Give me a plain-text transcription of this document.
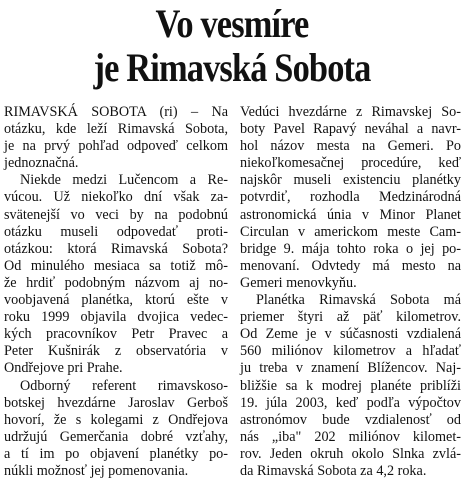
Vo vesmíre
je Rimavská Sobota

RIMAVSKÁ SOBOTA (ri) – Na
otázku, kde leží Rimavská Sobota,
je na prvý pohľad odpoveď celkom
jednoznačná.

Niekde medzi Lučencom a Re-
vúcou. Už niekoľko dní však za-
svätenejší vo veci by na podobnú
otázku museli odpovedať proti-
otázkou: ktorá Rimavská Sobota?
Od minulého mesiaca sa totiž mô-
že hrdiť podobným názvom aj no-
voobjavená planétka, ktorú ešte v
roku 1999 objavila dvojica vedec-
kých pracovníkov Petr Pravec a
Peter Kušnirák z observatória v
Ondřejove pri Prahe.

Odborný referent rimavskoso-
botskej hvezdárne Jaroslav Gerboš
hovorí, že s kolegami z Ondřejova
udržujú Gemerčania dobré vzťahy,
a tí im po objavení planétky po-
núkli možnosť jej pomenovania.

Vedúci hvezdárne z Rimavskej So-
boty Pavel Rapavý neváhal a navr-
hol názov mesta na Gemeri. Po
niekoľkomesačnej procedúre, keď
najskôr museli existenciu planétky
potvrdiť, rozhodla Medzinárodná
astronomická únia v Minor Planet
Circulan v americkom meste Cam-
bridge 9. mája tohto roka o jej po-
menovaní. Odvtedy má mesto na
Gemeri menovkyňu.

Planétka Rimavská Sobota má
priemer štyri až päť kilometrov.
Od Zeme je v súčasnosti vzdialená
560 miliónov kilometrov a hľadať
ju treba v znamení Blížencov. Naj-
bližšie sa k modrej planéte priblíži
19. júla 2003, keď podľa výpočtov
astronómov bude vzdialenosť od
nás „iba" 202 miliónov kilomet-
rov. Jeden okruh okolo Slnka zvlá-
da Rimavská Sobota za 4,2 roka.
